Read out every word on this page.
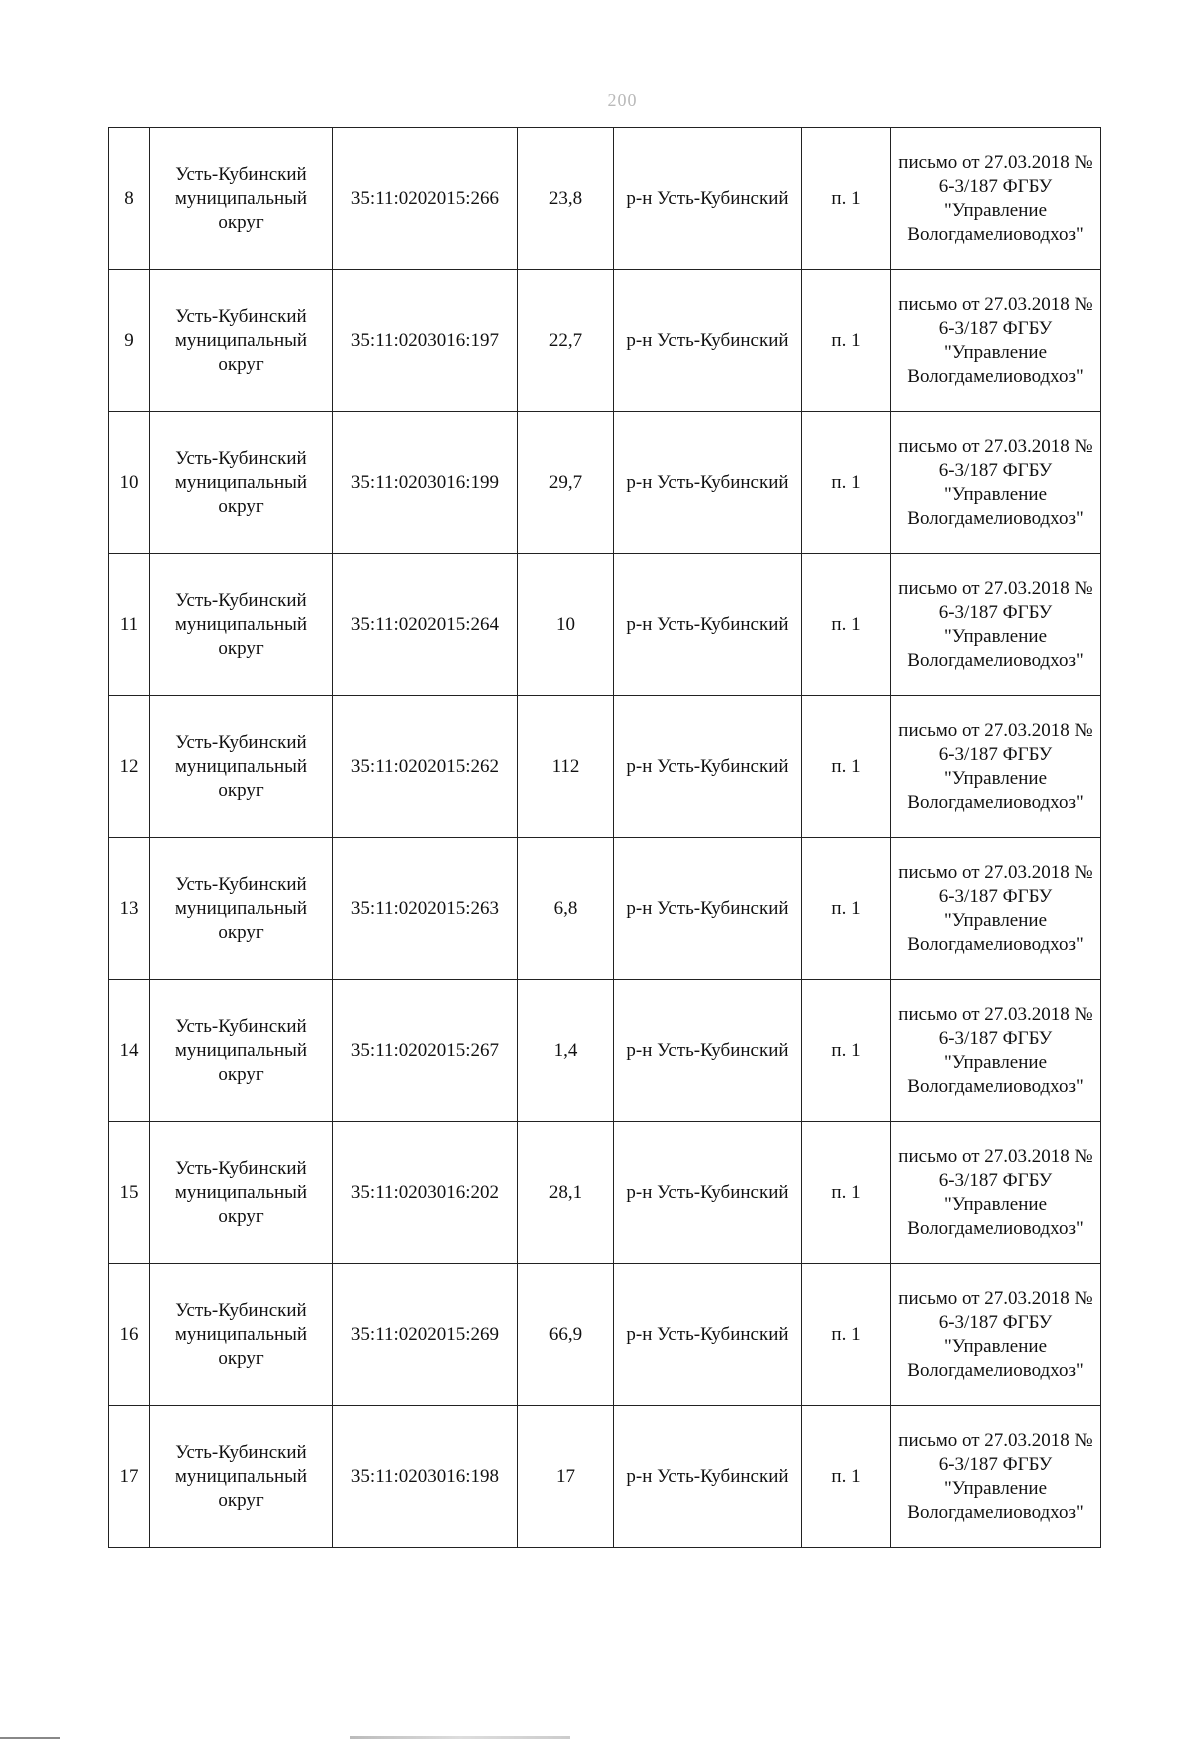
200
8	Усть-Кубинский муниципальный округ	35:11:0202015:266	23,8	р-н Усть-Кубинский	п. 1	письмо от 27.03.2018 № 6-3/187 ФГБУ "Управление Вологдамелиоводхоз"
9	Усть-Кубинский муниципальный округ	35:11:0203016:197	22,7	р-н Усть-Кубинский	п. 1	письмо от 27.03.2018 № 6-3/187 ФГБУ "Управление Вологдамелиоводхоз"
10	Усть-Кубинский муниципальный округ	35:11:0203016:199	29,7	р-н Усть-Кубинский	п. 1	письмо от 27.03.2018 № 6-3/187 ФГБУ "Управление Вологдамелиоводхоз"
11	Усть-Кубинский муниципальный округ	35:11:0202015:264	10	р-н Усть-Кубинский	п. 1	письмо от 27.03.2018 № 6-3/187 ФГБУ "Управление Вологдамелиоводхоз"
12	Усть-Кубинский муниципальный округ	35:11:0202015:262	112	р-н Усть-Кубинский	п. 1	письмо от 27.03.2018 № 6-3/187 ФГБУ "Управление Вологдамелиоводхоз"
13	Усть-Кубинский муниципальный округ	35:11:0202015:263	6,8	р-н Усть-Кубинский	п. 1	письмо от 27.03.2018 № 6-3/187 ФГБУ "Управление Вологдамелиоводхоз"
14	Усть-Кубинский муниципальный округ	35:11:0202015:267	1,4	р-н Усть-Кубинский	п. 1	письмо от 27.03.2018 № 6-3/187 ФГБУ "Управление Вологдамелиоводхоз"
15	Усть-Кубинский муниципальный округ	35:11:0203016:202	28,1	р-н Усть-Кубинский	п. 1	письмо от 27.03.2018 № 6-3/187 ФГБУ "Управление Вологдамелиоводхоз"
16	Усть-Кубинский муниципальный округ	35:11:0202015:269	66,9	р-н Усть-Кубинский	п. 1	письмо от 27.03.2018 № 6-3/187 ФГБУ "Управление Вологдамелиоводхоз"
17	Усть-Кубинский муниципальный округ	35:11:0203016:198	17	р-н Усть-Кубинский	п. 1	письмо от 27.03.2018 № 6-3/187 ФГБУ "Управление Вологдамелиоводхоз"
